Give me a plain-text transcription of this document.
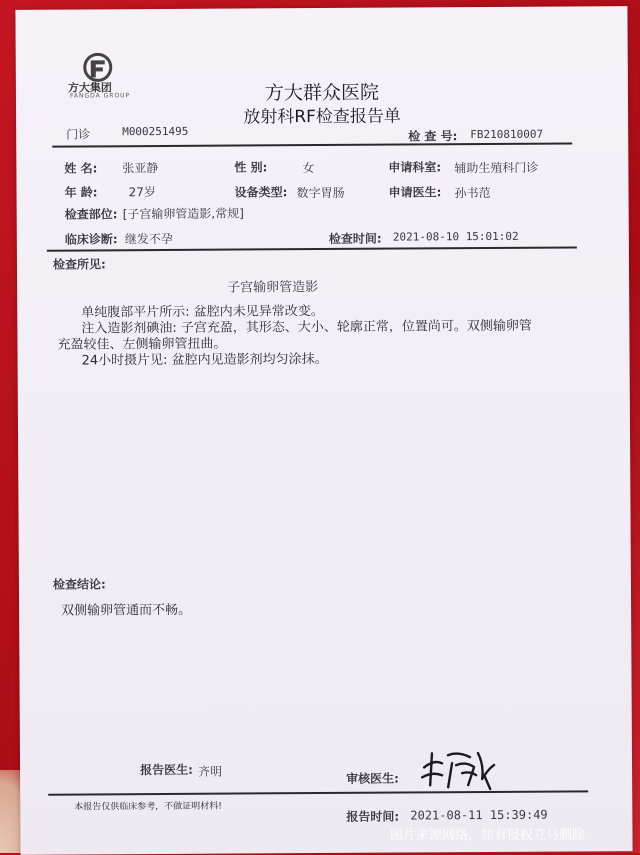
方大集团
FANGDA GROUP	方大群众医院
放射科RF检查报告单
门诊	M000251495	检 查 号: FB210810007
姓 名: 张亚静	性 别:	女	申请科室: 辅助生殖科门诊
年 龄:	27岁	设备类型: 数字胃肠	申请医生: 孙书范
检查部位: [子宫输卵管造影,常规]
临床诊断: 继发不孕	检查时间: 2021-08-10 15:01:02
检查所见:
子宫输卵管造影
单纯腹部平片所示: 盆腔内未见异常改变。
注入造影剂碘油: 子宫充盈，其形态、大小、轮廓正常，位置尚可。双侧输卵管
充盈较佳、左侧输卵管扭曲。
24小时摄片见: 盆腔内见造影剂均匀涂抹。
检查结论:
双侧输卵管通而不畅。
报告医生: 齐明	审核医生:
本报告仅供临床参考，不做证明材料!
报告时间: 2021-08-11 15:39:49
图片来源网络，如有侵权立马删除
